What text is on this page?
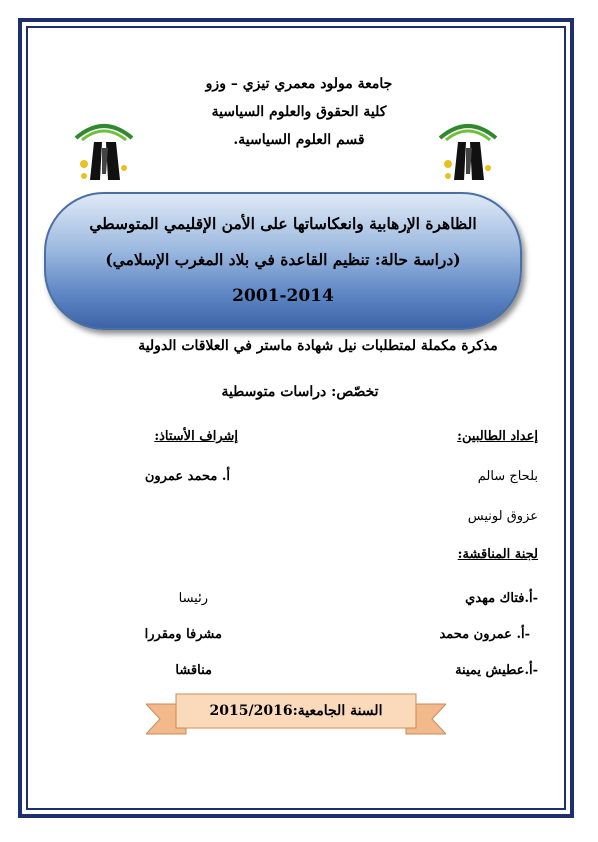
جامعة مولود معمري تيزي – وزو
كلية الحقوق والعلوم السياسية
قسم العلوم السياسية.
الظاهرة الإرهابية وانعكاساتها على الأمن الإقليمي المتوسطي
(دراسة حالة: تنظيم القاعدة في بلاد المغرب الإسلامي)
2001-2014
مذكرة مكملة لمتطلبات نيل شهادة ماستر في العلاقات الدولية
تخصّص: دراسات متوسطية
إعداد الطالبين:
إشراف الأستاذ:
بلحاج سالم
أ. محمد عمرون
عزوق لونيس
لجنة المناقشة:
-أ.فتاك مهدي
رئيسا
-أ. عمرون محمد
مشرفا ومقررا
-أ.عطيش يمينة
مناقشا
السنة الجامعية:2015/2016
